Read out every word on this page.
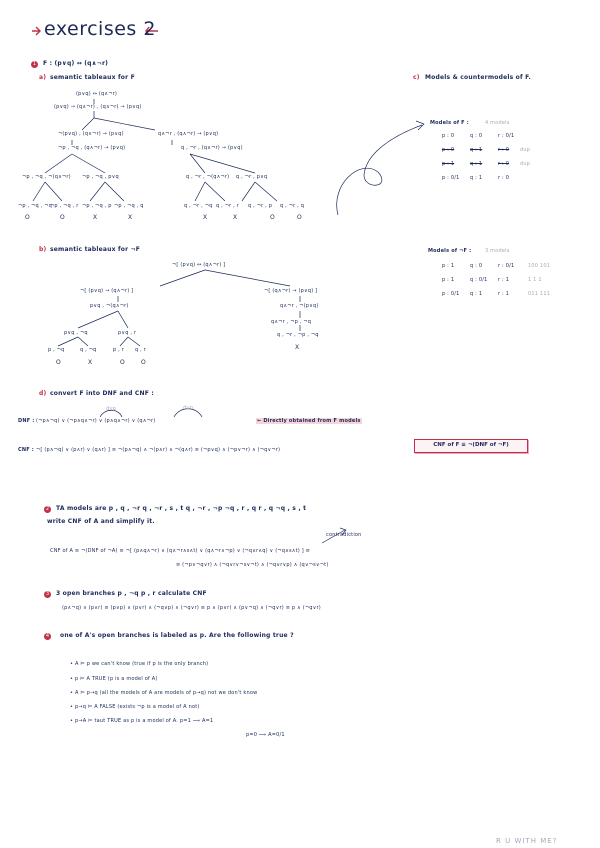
exercises 2
1	F : (p∨q) ↔ (q∧¬r)
a) semantic tableaux for F
(p∨q) ↔ (q∧¬r)
(p∨q) → (q∧¬r) , (q∧¬r) → (p∨q)
¬(p∨q) , (q∧¬r) → (p∨q)	q∧¬r , (q∧¬r) → (p∨q)
¬p , ¬q , (q∧¬r) → (p∨q)	q , ¬r , (q∧¬r) → (p∨q)
¬p , ¬q , ¬(q∧¬r) ¬p , ¬q , p∨q	q , ¬r , ¬(q∧¬r) q , ¬r , p∨q
¬p , ¬q , ¬q
¬p , ¬q , r ¬p , ¬q , p ¬p , ¬q , q	q , ¬r , ¬q q , ¬r , r q , ¬r , p q , ¬r , q
O	O	X	X	X	X	O	O
c) Models & countermodels of F.
Models of F :	4 models
p : 0	q : 0	r : 0/1
p : 0	q : 1	r : 0 dup
p : 1	q : 1	r : 0 dup
p : 0/1 q : 1	r : 0
b) semantic tableaux for ¬F
¬[ (p∨q) ↔ (q∧¬r) ]
¬[ (p∨q) → (q∧¬r) ]
p∨q , ¬(q∧¬r)
p∨q , ¬q	p∨q , r
p , ¬q	q , ¬q	p , r q , r
O	X	O	O
¬[ (q∧¬r) → (p∨q) ]
q∧¬r , ¬(p∨q)
q∧¬r , ¬p , ¬q
q , ¬r , ¬p , ¬q
X
Models of ¬F :	3 models
p : 1	q : 0	r : 0/1	100 101
p : 1	q : 0/1 r : 1	1 1 1
p : 0/1 q : 1	r : 1	011 111
d) convert F into DNF and CNF :
dup	dup
DNF : (¬p∧¬q) ∨ (¬p∧q∧¬r) ∨ (p∧q∧¬r) ∨ (q∧¬r)	← Directly obtained from F models
CNF : ¬[ (p∧¬q) ∨ (p∧r) ∨ (q∧r) ] ≡ ¬(p∧¬q) ∧ ¬(p∧r) ∧ ¬(q∧r) ≡ (¬p∨q) ∧ (¬p∨¬r) ∧ (¬q∨¬r)
CNF of F ≡ ¬(DNF of ¬F)
2	TA models are p , q , ¬r q , ¬r , s , t q , ¬r , ¬p ¬q , r , q r , q ¬q , s , t
write CNF of A and simplify it.
contradiction
CNF of A ≡ ¬(DNF of ¬A) ≡ ¬[ (p∧q∧¬r) ∨ (q∧¬r∧s∧t) ∨ (q∧¬r∧¬p) ∨ (¬q∧r∧q) ∨ (¬q∧s∧t) ] ≡
≡ (¬p∨¬q∨r) ∧ (¬q∨r∨¬s∨¬t) ∧ (¬q∨r∨p) ∧ (q∨¬s∨¬t)
3	3 open branches p , ¬q p , r calculate CNF
(p∧¬q) ∨ (p∧r) ≡ (p∨p) ∧ (p∨r) ∧ (¬q∨p) ∧ (¬q∨r) ≡ p ∧ (p∨r) ∧ (p∨¬q) ∧ (¬q∨r) ≡ p ∧ (¬q∨r)
4	one of A's open branches is labeled as p. Are the following true ?
• A ⊨ p we can't know (true if p is the only branch)
• p ⊨ A TRUE (p is a model of A)
• A ⊨ p→q (all the models of A are models of p→q) not we don't know
• p→q ⊨ A FALSE (exists ¬p is a model of A not)
• p→A ⊨ taut TRUE as p is a model of A. p=1 ⟹ A=1
p=0 ⟹ A=0/1
R U WITH ME?
